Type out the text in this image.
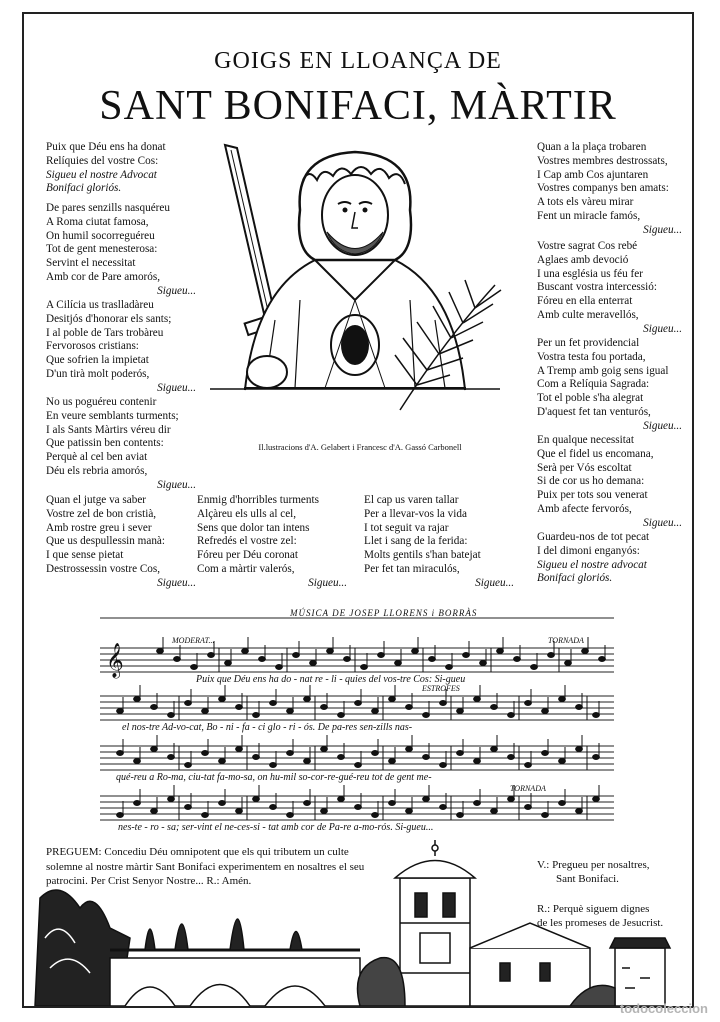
GOIGS EN LLOANÇA DE
SANT BONIFACI, MÀRTIR
Puix que Déu ens ha donat
Relíquies del vostre Cos:
Sigueu el nostre Advocat
Bonifaci gloriós.
De pares senzills nasquéreu
A Roma ciutat famosa,
On humil socorreguéreu
Tot de gent menesterosa:
Servint el necessitat
Amb cor de Pare amorós,
Sigueu...
A Cilícia us traslladàreu
Desitjós d'honorar els sants;
I al poble de Tars trobàreu
Fervorosos cristians:
Que sofrien la impietat
D'un tirà molt poderós,
Sigueu...
No us poguéreu contenir
En veure semblants turments;
I als Sants Màrtirs véreu dir
Que patissin ben contents:
Perquè al cel ben aviat
Déu els rebria amorós,
Sigueu...
Quan el jutge va saber
Vostre zel de bon cristià,
Amb rostre greu i sever
Que us despullessin manà:
I que sense pietat
Destrossessin vostre Cos,
Sigueu...
Enmig d'horribles turments
Alçàreu els ulls al cel,
Sens que dolor tan intens
Refredés el vostre zel:
Fóreu per Déu coronat
Com a màrtir valerós,
Sigueu...
El cap us varen tallar
Per a llevar-vos la vida
I tot seguit va rajar
Llet i sang de la ferida:
Molts gentils s'han batejat
Per fet tan miraculós,
Sigueu...
Quan a la plaça trobaren
Vostres membres destrossats,
I Cap amb Cos ajuntaren
Vostres companys ben amats:
A tots els vàreu mirar
Fent un miracle famós,
Sigueu...
Vostre sagrat Cos rebé
Aglaes amb devoció
I una església us féu fer
Buscant vostra intercessió:
Fóreu en ella enterrat
Amb culte meravellós,
Sigueu...
Per un fet providencial
Vostra testa fou portada,
A Tremp amb goig sens igual
Com a Relíquia Sagrada:
Tot el poble s'ha alegrat
D'aquest fet tan venturós,
Sigueu...
En qualque necessitat
Que el fidel us encomana,
Serà per Vós escoltat
Si de cor us ho demana:
Puix per tots sou venerat
Amb afecte fervorós,
Sigueu...
Guardeu-nos de tot pecat
I del dimoni enganyós:
Sigueu el nostre advocat
Bonifaci gloriós.
Il.lustracions d'A. Gelabert i Francesc d'A. Gassó Carbonell
𝄞
MÚSICA DE JOSEP LLORENS i BORRÀS
MODERAT...	TORNADA
ESTROFES
TORNADA
Puix que Déu ens ha do - nat re - li - quies del vos-tre Cos: Si-gueu
el nos-tre Ad-vo-cat, Bo - ni - fa - ci glo - ri - ós. De pa-res sen-zills nas-
qué-reu a Ro-ma, ciu-tat fa-mo-sa, on hu-mil so-cor-re-gué-reu tot de gent me-
nes-te - ro - sa; ser-vint el ne-ces-si - tat amb cor de Pa-re a-mo-rós. Si-gueu...
PREGUEM: Concediu Déu omnipotent que els qui tributem un culte solemne al nostre màrtir Sant Bonifaci experimentem en nosaltres el seu patrocini. Per Crist Senyor Nostre... R.: Amén.
V.: Pregueu per nosaltres,
Sant Bonifaci.
R.: Perquè siguem dignes
de les promeses de Jesucrist.
todocoleccion
